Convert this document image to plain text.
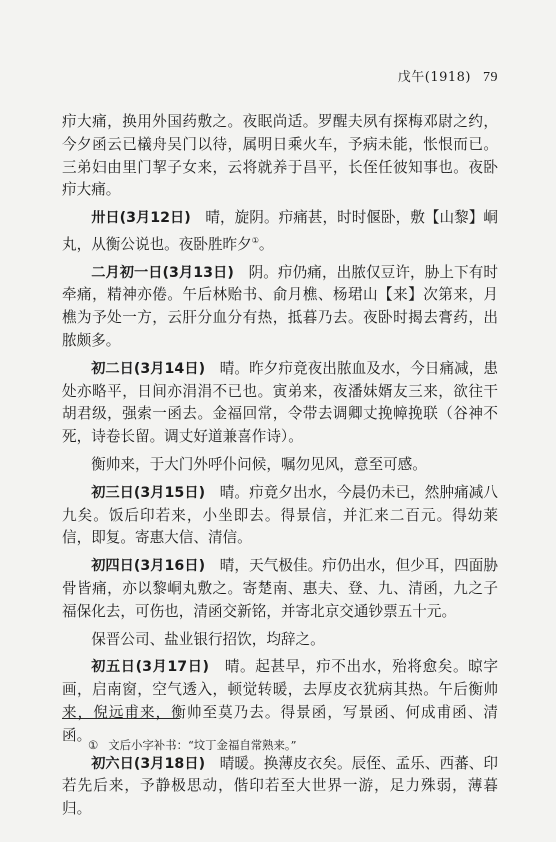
戊午(1918) 79

疖大痛，换用外国药敷之。夜眠尚适。罗醒夫夙有探梅邓尉之约，今夕函云已檥舟吴门以待，属明日乘火车，予病未能，怅恨而已。三弟妇由里门挈子女来，云将就养于昌平，长侄任彼知事也。夜卧疖大痛。

卅日(3月12日)　晴，旋阴。疖痛甚，时时偃卧，敷【山黎】峒丸，从衡公说也。夜卧胜昨夕①。

二月初一日(3月13日)　阴。疖仍痛，出脓仅豆许，胁上下有时牵痛，精神亦倦。午后林贻书、俞月樵、杨珺山【来】次第来，月樵为予处一方，云肝分血分有热，抵暮乃去。夜卧时揭去膏药，出脓颇多。

初二日(3月14日)　晴。昨夕疖竟夜出脓血及水，今日痛减，患处亦略平，日间亦涓涓不已也。寅弟来，夜潘妹婿友三来，欲往干胡君级，强索一函去。金福回常，令带去调卿丈挽幛挽联（谷神不死，诗卷长留。调丈好道兼喜作诗）。

衡帅来，于大门外呼仆问候，嘱勿见风，意至可感。

初三日(3月15日)　晴。疖竟夕出水，今晨仍未已，然肿痛减八九矣。饭后印若来，小坐即去。得景信，并汇来二百元。得幼莱信，即复。寄惠大信、清信。

初四日(3月16日)　晴，天气极佳。疖仍出水，但少耳，四面胁骨皆痛，亦以黎峒丸敷之。寄楚南、惠夫、登、九、清函，九之子福保化去，可伤也，清函交新铭，并寄北京交通钞票五十元。

保晋公司、盐业银行招饮，均辞之。

初五日(3月17日)　晴。起甚早，疖不出水，殆将愈矣。晾字画，启南窗，空气透入，顿觉转暖，去厚皮衣犹病其热。午后衡帅来，倪远甫来，衡帅至莫乃去。得景函，写景函、何成甫函、清函。

初六日(3月18日)　晴暖。换薄皮衣矣。辰侄、孟乐、西蕃、印若先后来，予静极思动，偕印若至大世界一游，足力殊弱，薄暮归。

① 文后小字补书：“坟丁金福自常熟来。”
